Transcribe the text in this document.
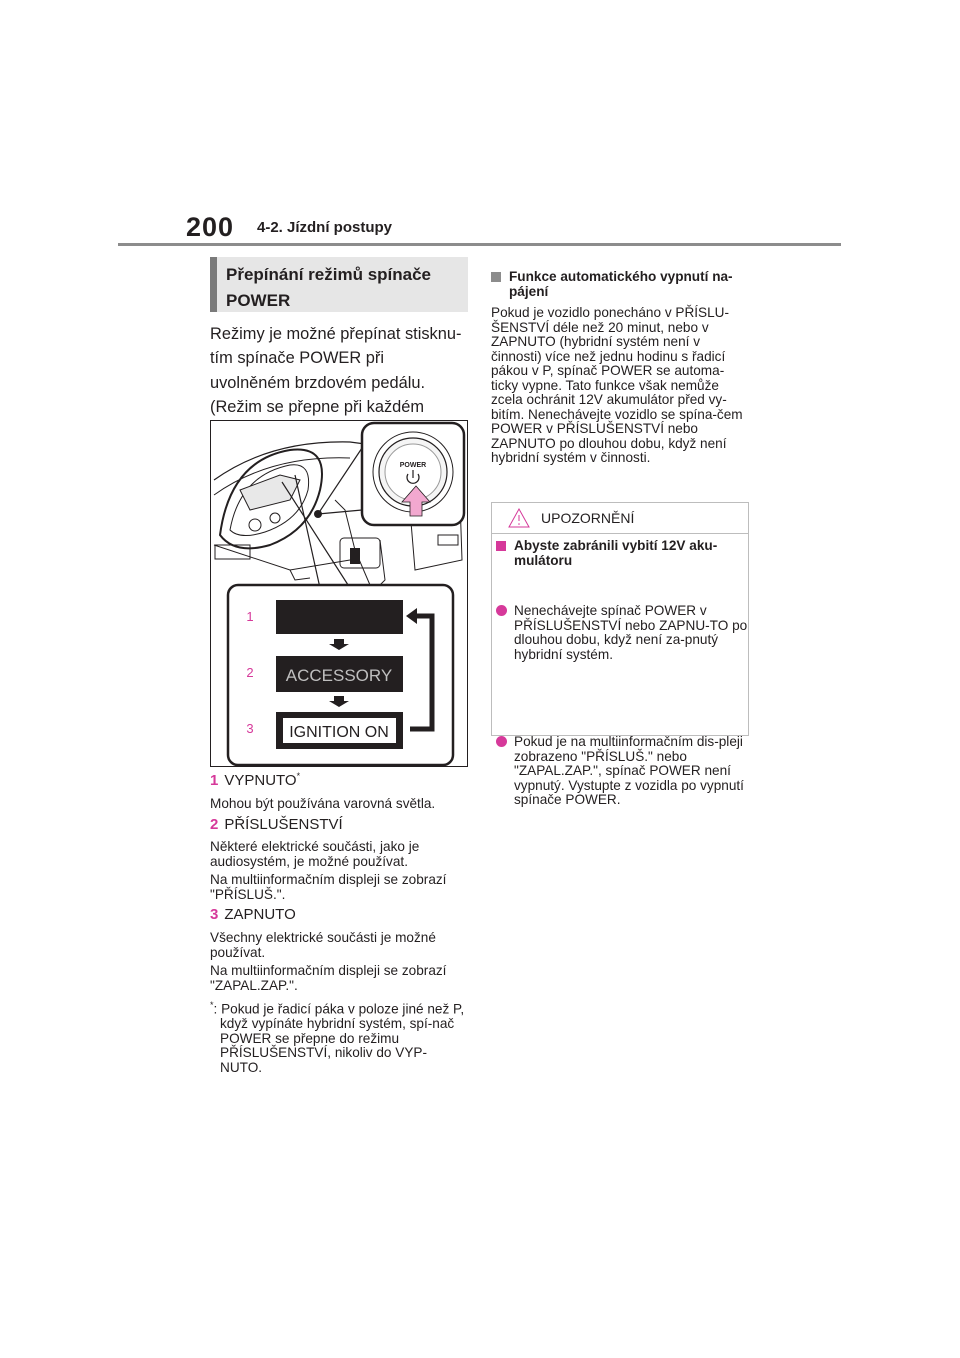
200 4-2. Jízdní postupy
Přepínání režimů spínače POWER
Režimy je možné přepínat stisknu-tím spínače POWER při uvolněném brzdovém pedálu. (Režim se přepne při každém
POWER
1
2
3
ACCESSORY
IGNITION ON
1 VYPNUTO*
Mohou být používána varovná světla.
2 PŘÍSLUŠENSTVÍ
Některé elektrické součásti, jako je audiosystém, je možné používat.
Na multiinformačním displeji se zobrazí "PŘÍSLUŠ.".
3 ZAPNUTO
Všechny elektrické součásti je možné používat.
Na multiinformačním displeji se zobrazí "ZAPAL.ZAP.".
*: Pokud je řadicí páka v poloze jiné než P, když vypínáte hybridní systém, spí-nač POWER se přepne do režimu PŘÍSLUŠENSTVÍ, nikoliv do VYP-NUTO.
Funkce automatického vypnutí na-pájení
Pokud je vozidlo ponecháno v PŘÍSLU-ŠENSTVÍ déle než 20 minut, nebo v ZAPNUTO (hybridní systém není v činnosti) více než jednu hodinu s řadicí pákou v P, spínač POWER se automa-ticky vypne. Tato funkce však nemůže zcela ochránit 12V akumulátor před vy-bitím. Nenechávejte vozidlo se spína-čem POWER v PŘÍSLUŠENSTVÍ nebo ZAPNUTO po dlouhou dobu, když není hybridní systém v činnosti.
UPOZORNĚNÍ
Abyste zabránili vybití 12V aku-mulátoru
Nenechávejte spínač POWER v PŘÍSLUŠENSTVÍ nebo ZAPNU-TO po dlouhou dobu, když není za-pnutý hybridní systém.
Pokud je na multiinformačním dis-pleji zobrazeno "PŘÍSLUŠ." nebo "ZAPAL.ZAP.", spínač POWER není vypnutý. Vystupte z vozidla po vypnutí spínače POWER.
